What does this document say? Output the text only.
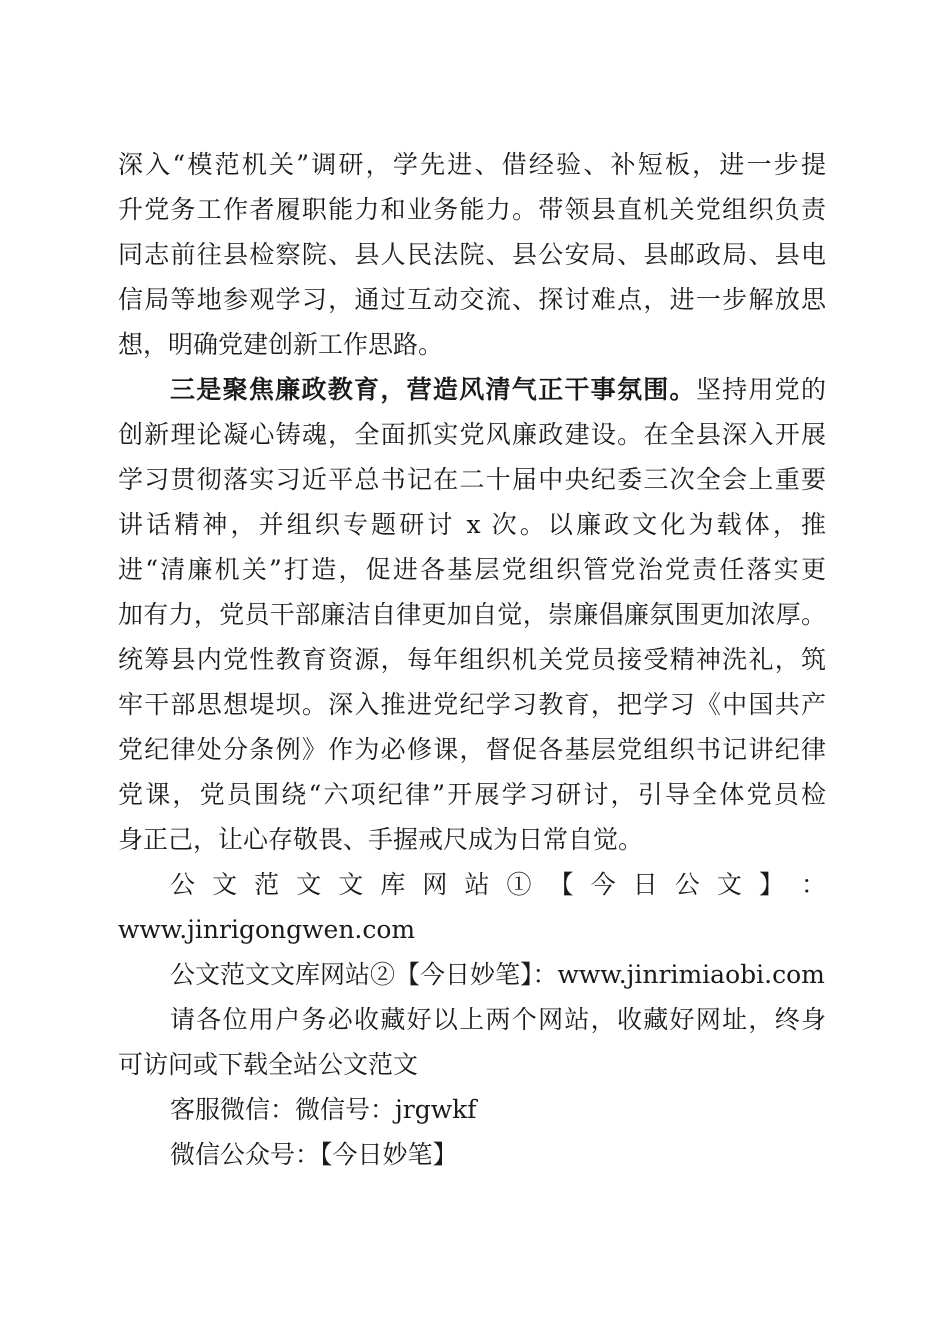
深入“模范机关”调研，学先进、借经验、补短板，进一步提
升党务工作者履职能力和业务能力。带领县直机关党组织负责
同志前往县检察院、县人民法院、县公安局、县邮政局、县电
信局等地参观学习，通过互动交流、探讨难点，进一步解放思
想，明确党建创新工作思路。
三是聚焦廉政教育，营造风清气正干事氛围。坚持用党的
创新理论凝心铸魂，全面抓实党风廉政建设。在全县深入开展
学习贯彻落实习近平总书记在二十届中央纪委三次全会上重要
讲话精神，并组织专题研讨 x 次。以廉政文化为载体，推
进“清廉机关”打造，促进各基层党组织管党治党责任落实更
加有力，党员干部廉洁自律更加自觉，崇廉倡廉氛围更加浓厚。
统筹县内党性教育资源，每年组织机关党员接受精神洗礼，筑
牢干部思想堤坝。深入推进党纪学习教育，把学习《中国共产
党纪律处分条例》作为必修课，督促各基层党组织书记讲纪律
党课，党员围绕“六项纪律”开展学习研讨，引导全体党员检
身正己，让心存敬畏、手握戒尺成为日常自觉。
公 文 范 文 文 库 网 站 ① 【 今 日 公 文 】 ：
www.jinrigongwen.com
公文范文文库网站②【今日妙笔】：www.jinrimiaobi.com
请各位用户务必收藏好以上两个网站，收藏好网址，终身
可访问或下载全站公文范文
客服微信：微信号：jrgwkf
微信公众号：【今日妙笔】
